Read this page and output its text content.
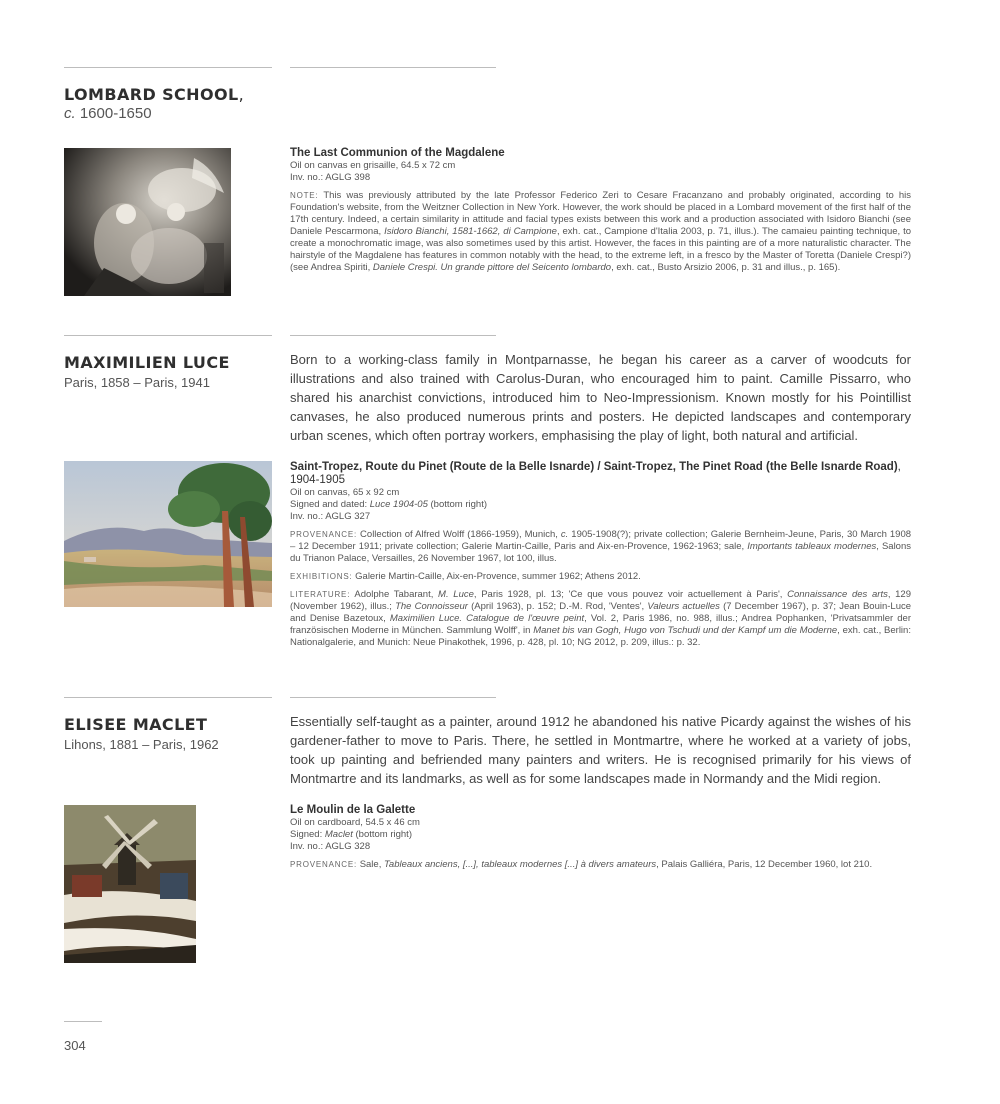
LOMBARD SCHOOL,

c. 1600-1650

The Last Communion of the Magdalene
Oil on canvas en grisaille, 64.5 x 72 cm
Inv. no.: AGLG 398
NOTE: This was previously attributed by the late Professor Federico Zeri to Cesare Fracanzano and probably originated, according to his Foundation's website, from the Weitzner Collection in New York. However, the work should be placed in a Lombard movement of the first half of the 17th century. Indeed, a certain similarity in attitude and facial types exists between this work and a production associated with Isidoro Bianchi (see Daniele Pescarmona, Isidoro Bianchi, 1581-1662, di Campione, exh. cat., Campione d'Italia 2003, p. 71, illus.). The camaieu painting technique, to create a monochromatic image, was also sometimes used by this artist. However, the faces in this painting are of a more naturalistic character. The hairstyle of the Magdalene has features in common notably with the head, to the extreme left, in a fresco by the Master of Toretta (Daniele Crespi?) (see Andrea Spiriti, Daniele Crespi. Un grande pittore del Seicento lombardo, exh. cat., Busto Arsizio 2006, p. 31 and illus., p. 165).
MAXIMILIEN LUCE

Paris, 1858 – Paris, 1941

Born to a working-class family in Montparnasse, he began his career as a carver of woodcuts for illustrations and also trained with Carolus-Duran, who encouraged him to paint. Camille Pissarro, who shared his anarchist convictions, introduced him to Neo-Impressionism. Known mostly for his Pointillist canvases, he also produced numerous prints and posters. He depicted landscapes and contemporary urban scenes, which often portray workers, emphasising the play of light, both natural and artificial.

Saint-Tropez, Route du Pinet (Route de la Belle Isnarde) / Saint-Tropez, The Pinet Road (the Belle Isnarde Road), 1904-1905
Oil on canvas, 65 x 92 cm
Signed and dated: Luce 1904-05 (bottom right)
Inv. no.: AGLG 327
PROVENANCE: Collection of Alfred Wolff (1866-1959), Munich, c. 1905-1908(?); private collection; Galerie Bernheim-Jeune, Paris, 30 March 1908 – 12 December 1911; private collection; Galerie Martin-Caille, Paris and Aix-en-Provence, 1962-1963; sale, Importants tableaux modernes, Salons du Trianon Palace, Versailles, 26 November 1967, lot 100, illus.
EXHIBITIONS: Galerie Martin-Caille, Aix-en-Provence, summer 1962; Athens 2012.
LITERATURE: Adolphe Tabarant, M. Luce, Paris 1928, pl. 13; 'Ce que vous pouvez voir actuellement à Paris', Connaissance des arts, 129 (November 1962), illus.; The Connoisseur (April 1963), p. 152; D.-M. Rod, 'Ventes', Valeurs actuelles (7 December 1967), p. 37; Jean Bouin-Luce and Denise Bazetoux, Maximilien Luce. Catalogue de l'œuvre peint, Vol. 2, Paris 1986, no. 988, illus.; Andrea Pophanken, 'Privatsammler der französischen Moderne in München. Sammlung Wolff', in Manet bis van Gogh, Hugo von Tschudi und der Kampf um die Moderne, exh. cat., Berlin: Nationalgalerie, and Munich: Neue Pinakothek, 1996, p. 428, pl. 10; NG 2012, p. 209, illus.: p. 32.
ELISEE MACLET

Lihons, 1881 – Paris, 1962

Essentially self-taught as a painter, around 1912 he abandoned his native Picardy against the wishes of his gardener-father to move to Paris. There, he settled in Montmartre, where he worked at a variety of jobs, took up painting and befriended many painters and writers. He is recognised primarily for his views of Montmartre and its landmarks, as well as for some landscapes made in Normandy and the Midi region.

Le Moulin de la Galette
Oil on cardboard, 54.5 x 46 cm
Signed: Maclet (bottom right)
Inv. no.: AGLG 328
PROVENANCE: Sale, Tableaux anciens, [...], tableaux modernes [...] à divers amateurs, Palais Galliéra, Paris, 12 December 1960, lot 210.
304
